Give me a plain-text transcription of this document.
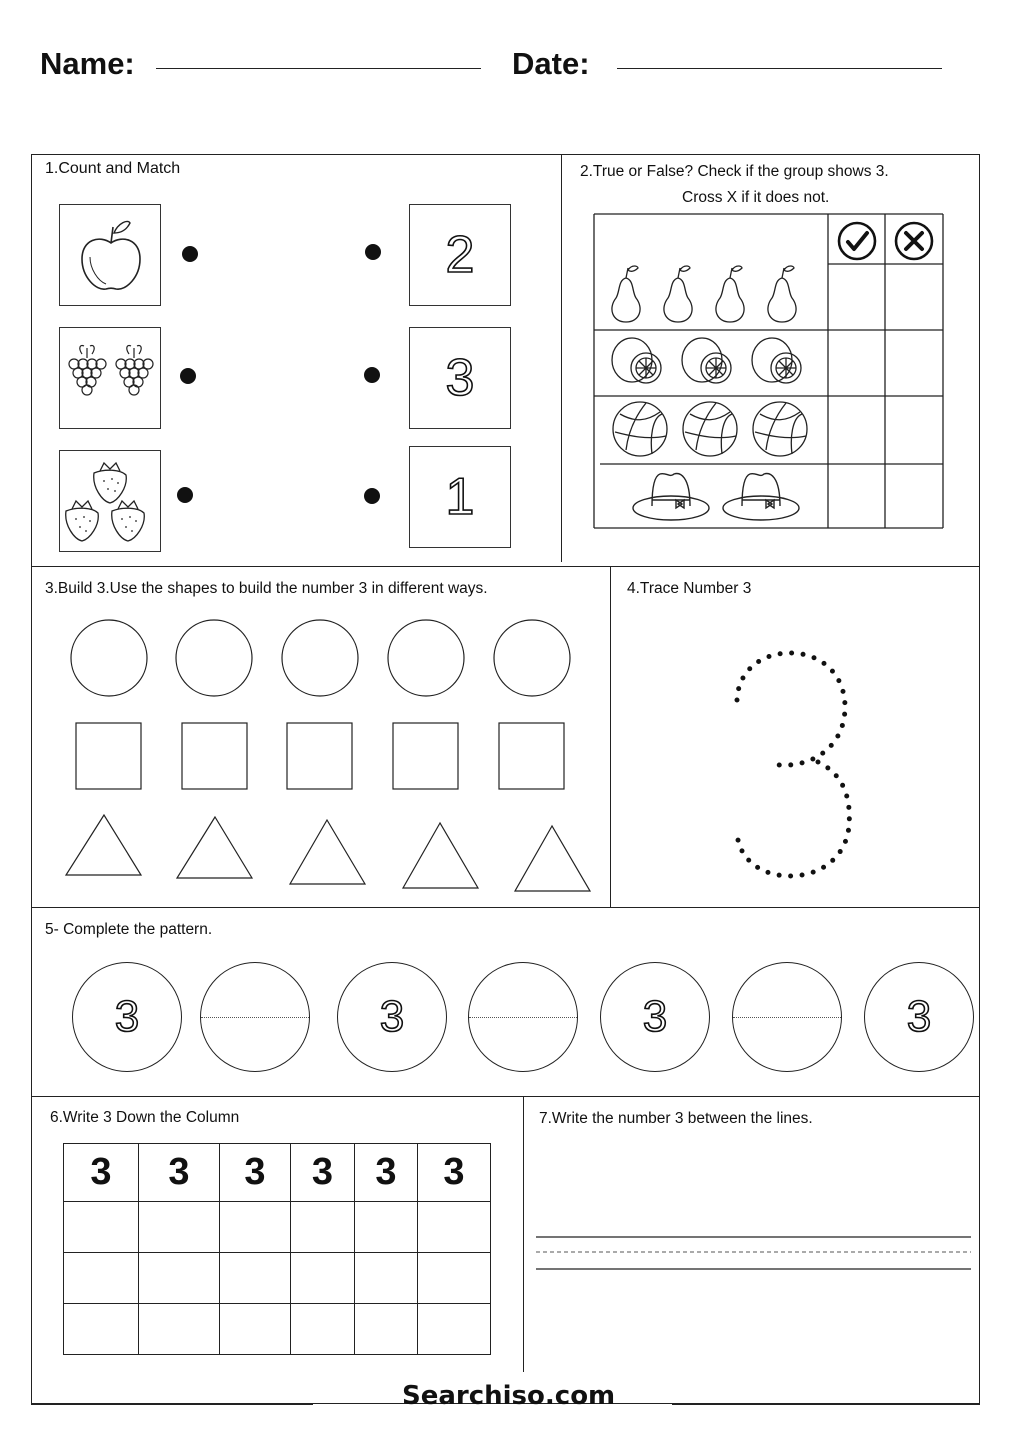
Name:	Date:
1.Count and Match
2
3
1
2.True or False? Check if the group shows 3.
Cross X if it does not.
3.Build 3.Use the shapes to build the number 3 in different ways.	4.Trace Number 3
5- Complete the pattern.
3	3	3	3
6.Write 3 Down the Column
3	3	3	3	3	3

7.Write the number 3 between the lines.
Searchiso.com
